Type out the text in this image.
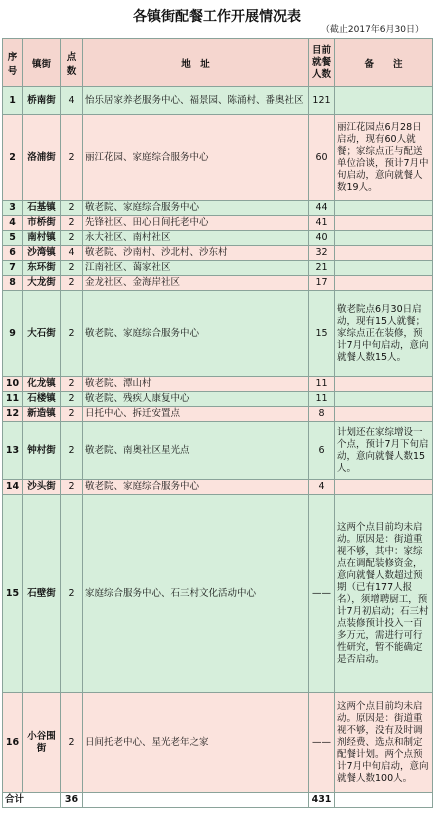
各镇街配餐工作开展情况表
（截止2017年6月30日）
序号	镇街	点数	地　址	目前
就餐
人数	备　　注
1	桥南街	4	怡乐居家养老服务中心、福景园、陈涌村、番奥社区	121	
2	洛浦街	2	丽江花园、家庭综合服务中心	60	丽江花园点6月28日启动，现有60人就餐；家综点正与配送单位洽谈，预计7月中旬启动，意向就餐人数19人。
3	石基镇	2	敬老院、家庭综合服务中心	44	
4	市桥街	2	先锋社区、田心日间托老中心	41	
5	南村镇	2	永大社区、南村社区	40	
6	沙湾镇	4	敬老院、沙南村、沙北村、沙东村	32	
7	东环街	2	江南社区、蔼家社区	21	
8	大龙街	2	金龙社区、金海岸社区	17	
9	大石街	2	敬老院、家庭综合服务中心	15	敬老院点6月30日启动，现有15人就餐；家综点正在装修，预计7月中旬启动，意向就餐人数15人。
10	化龙镇	2	敬老院、潭山村	11	
11	石楼镇	2	敬老院、残疾人康复中心	11	
12	新造镇	2	日托中心、拆迁安置点	8	
13	钟村街	2	敬老院、南奥社区星光点	6	计划还在家综增设一个点，预计7月下旬启动，意向就餐人数15人。
14	沙头街	2	敬老院、家庭综合服务中心	4	
15	石壁街	2	家庭综合服务中心、石三村文化活动中心	——	这两个点目前均未启动。原因是：街道重视不够，其中：家综点在调配装修资金，意向就餐人数超过预期（已有177人报名），须增聘厨工，预计7月初启动；石三村点装修预计投入一百多万元，需进行可行性研究，暂不能确定是否启动。
16	小谷围街	2	日间托老中心、星光老年之家	——	这两个点目前均未启动。原因是：街道重视不够，没有及时调剂经费、选点和制定配餐计划。两个点预计7月中旬启动，意向就餐人数100人。
合计		36		431	
